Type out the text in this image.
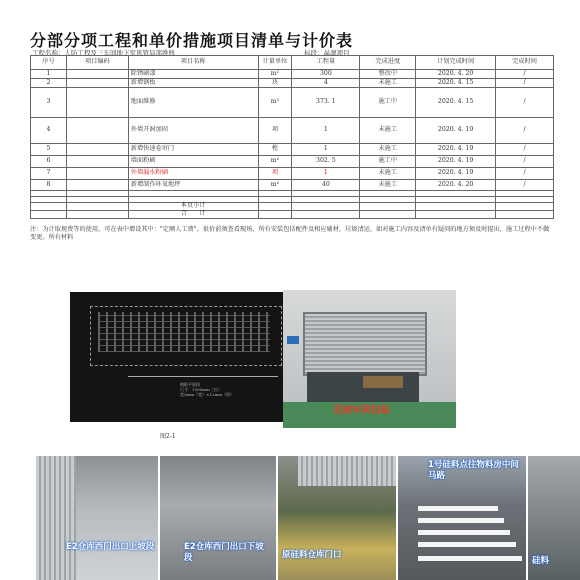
分部分项工程和单价措施项目清单与计价表
工程名称：人防工程及三车间地下室风管局部维修	标段：晶澳项目
序号	项目编码	项目名称	计量单位	工程量	完成进度	计划完成时间	完成时间
1		除锈刷漆	m²	300	整改中	2020. 4. 20	/
2		新增钢板	块	4	未施工	2020. 4. 15	/
3		地面维修	m²	373. 1	施工中	2020. 4. 15	/
4		外墙开洞加固	项	1	未施工	2020. 4. 19	/
5		新增快速卷帘门	樘	1	未施工	2020. 4. 19	/
6		墙面粉刷	m²	302. 5	施工中	2020. 4. 19	/
7		外墙漏水粉刷	项	1	未施工	2020. 4. 19	/
8		新增制作环氧地坪	m²	40	未施工	2020. 4. 20	/

		本页小计					
		合　　计					
注：为计取规费等的使用，可在表中增设其中："定额人工费"。很价前须查看现场，所有安装包括配件及相应辅材，垃圾清运，如对施工内容及清单有疑问的地方须及时提出，施工过程中不做变更。所有材料
钢板平面图
尺寸：1500mm（长）
宽3mm（宽）×12mm（厚）
图2-1
双玻车间包装
E2仓库西门出口上坡段	E2仓库西门出口下坡段	原硅料仓库门口
1号硅料点往物料房中间马路
硅料
